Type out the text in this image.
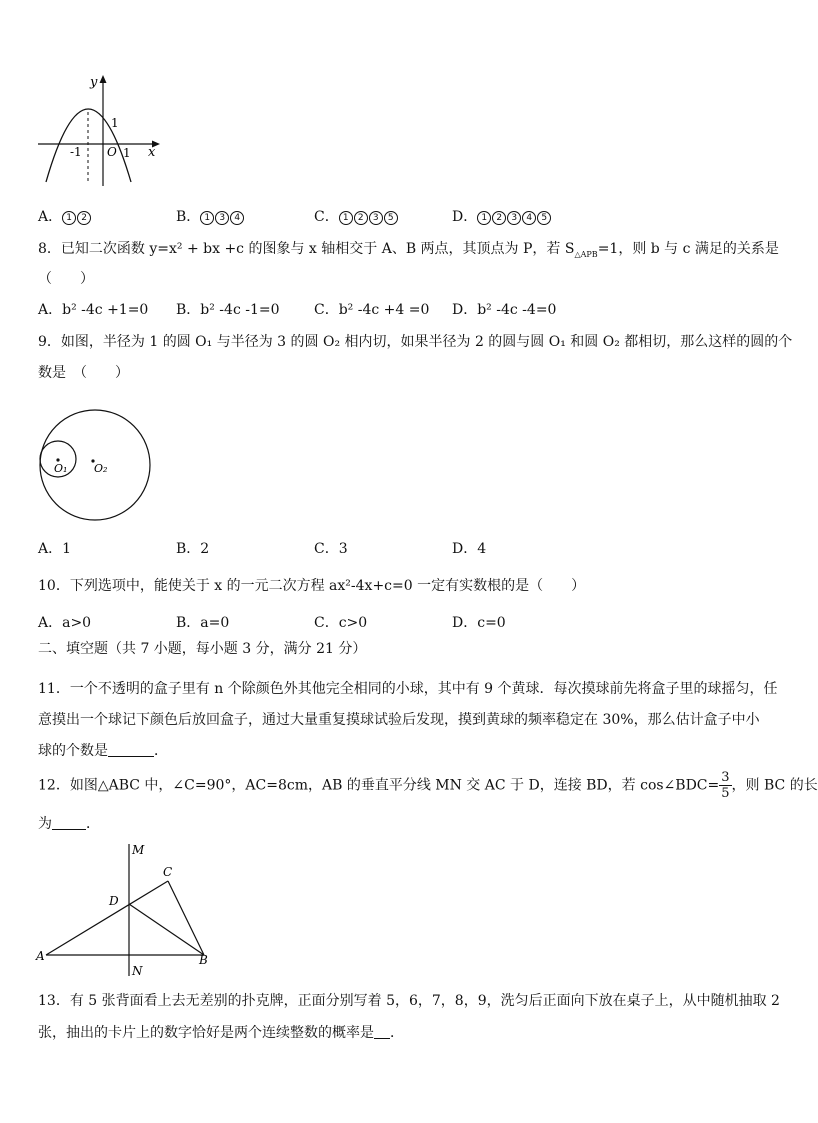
y
x
O
-1	1
1
A． 1 2	B． 1 3 4	C． 1 2 3 5	D． 1 2 3 4 5
8．已知二次函数 y=x² + bx +c 的图象与 x 轴相交于 A、B 两点，其顶点为 P，若 $S_{\triangle APB}=1$，则 b 与 c 满足的关系是
（　　）
A．b² -4c +1=0 B．b² -4c -1=0 C．b² -4c +4 =0 D．b² -4c -4=0
9．如图，半径为 1 的圆 O₁ 与半径为 3 的圆 O₂ 相内切，如果半径为 2 的圆与圆 O₁ 和圆 O₂ 都相切，那么这样的圆的个
数是　（　　）
O₁ O₂
A．1	B．2	C．3	D．4
10．下列选项中，能使关于 x 的一元二次方程 ax²-4x+c=0 一定有实数根的是（　　）
A．a>0	B．a=0	C．c>0	D．c=0
二、填空题（共 7 小题，每小题 3 分，满分 21 分）
11．一个不透明的盒子里有 n 个除颜色外其他完全相同的小球，其中有 9 个黄球．每次摸球前先将盒子里的球摇匀，任
意摸出一个球记下颜色后放回盒子，通过大量重复摸球试验后发现，摸到黄球的频率稳定在 30%，那么估计盒子中小
球的个数是	．
12．如图△ABC 中，∠C=90°，AC=8cm，AB 的垂直平分线 MN 交 AC 于 D，连接 BD，若 cos∠BDC= $\frac{3}{5}$ ，则 BC 的长
为 ．
M
N
A	B
C
D
13．有 5 张背面看上去无差别的扑克牌，正面分别写着 5，6，7，8，9，洗匀后正面向下放在桌子上，从中随机抽取 2
张，抽出的卡片上的数字恰好是两个连续整数的概率是 ．
